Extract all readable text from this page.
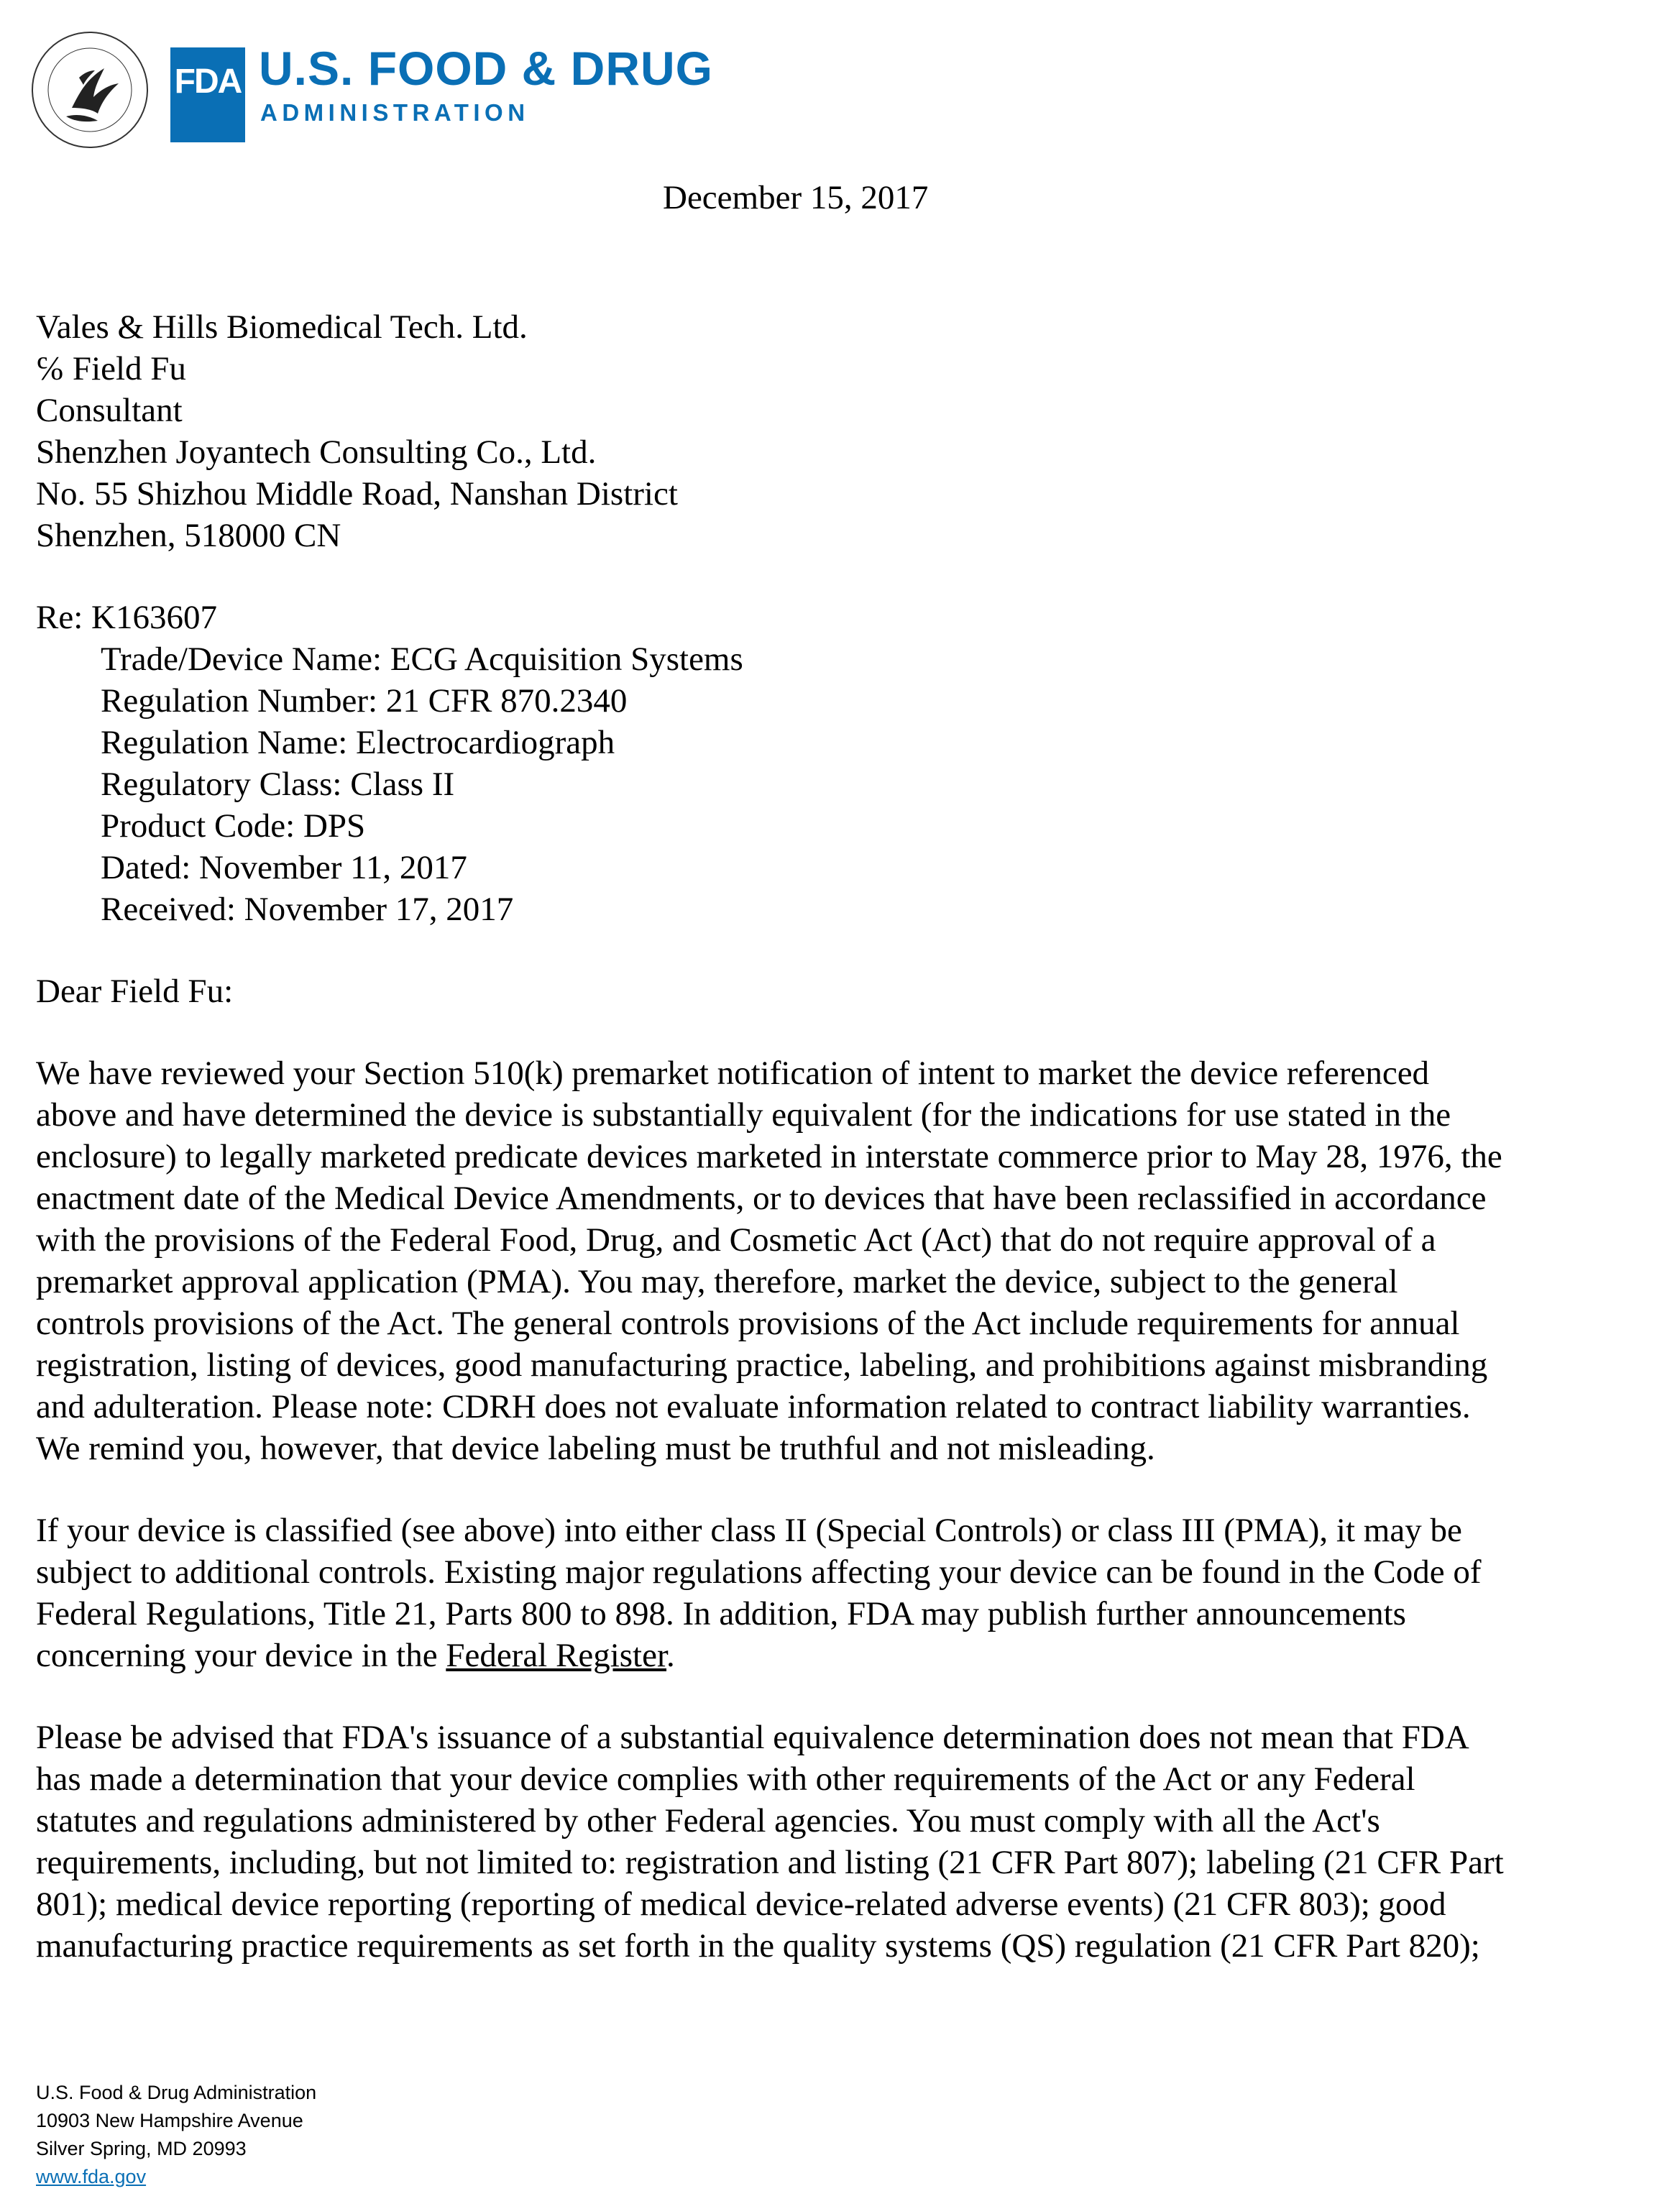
FDA U.S. FOOD & DRUG
ADMINISTRATION
December 15, 2017
Vales & Hills Biomedical Tech. Ltd.
℅ Field Fu
Consultant
Shenzhen Joyantech Consulting Co., Ltd.
No. 55 Shizhou Middle Road, Nanshan District
Shenzhen, 518000 CN
Re: K163607
Trade/Device Name: ECG Acquisition Systems
Regulation Number: 21 CFR 870.2340
Regulation Name: Electrocardiograph
Regulatory Class: Class II
Product Code: DPS
Dated: November 11, 2017
Received: November 17, 2017
Dear Field Fu:
We have reviewed your Section 510(k) premarket notification of intent to market the device referenced
above and have determined the device is substantially equivalent (for the indications for use stated in the
enclosure) to legally marketed predicate devices marketed in interstate commerce prior to May 28, 1976, the
enactment date of the Medical Device Amendments, or to devices that have been reclassified in accordance
with the provisions of the Federal Food, Drug, and Cosmetic Act (Act) that do not require approval of a
premarket approval application (PMA). You may, therefore, market the device, subject to the general
controls provisions of the Act. The general controls provisions of the Act include requirements for annual
registration, listing of devices, good manufacturing practice, labeling, and prohibitions against misbranding
and adulteration. Please note: CDRH does not evaluate information related to contract liability warranties.
We remind you, however, that device labeling must be truthful and not misleading.
If your device is classified (see above) into either class II (Special Controls) or class III (PMA), it may be
subject to additional controls. Existing major regulations affecting your device can be found in the Code of
Federal Regulations, Title 21, Parts 800 to 898. In addition, FDA may publish further announcements
concerning your device in the Federal Register.
Please be advised that FDA's issuance of a substantial equivalence determination does not mean that FDA
has made a determination that your device complies with other requirements of the Act or any Federal
statutes and regulations administered by other Federal agencies. You must comply with all the Act's
requirements, including, but not limited to: registration and listing (21 CFR Part 807); labeling (21 CFR Part
801); medical device reporting (reporting of medical device-related adverse events) (21 CFR 803); good
manufacturing practice requirements as set forth in the quality systems (QS) regulation (21 CFR Part 820);
U.S. Food & Drug Administration
10903 New Hampshire Avenue
Silver Spring, MD 20993
www.fda.gov
